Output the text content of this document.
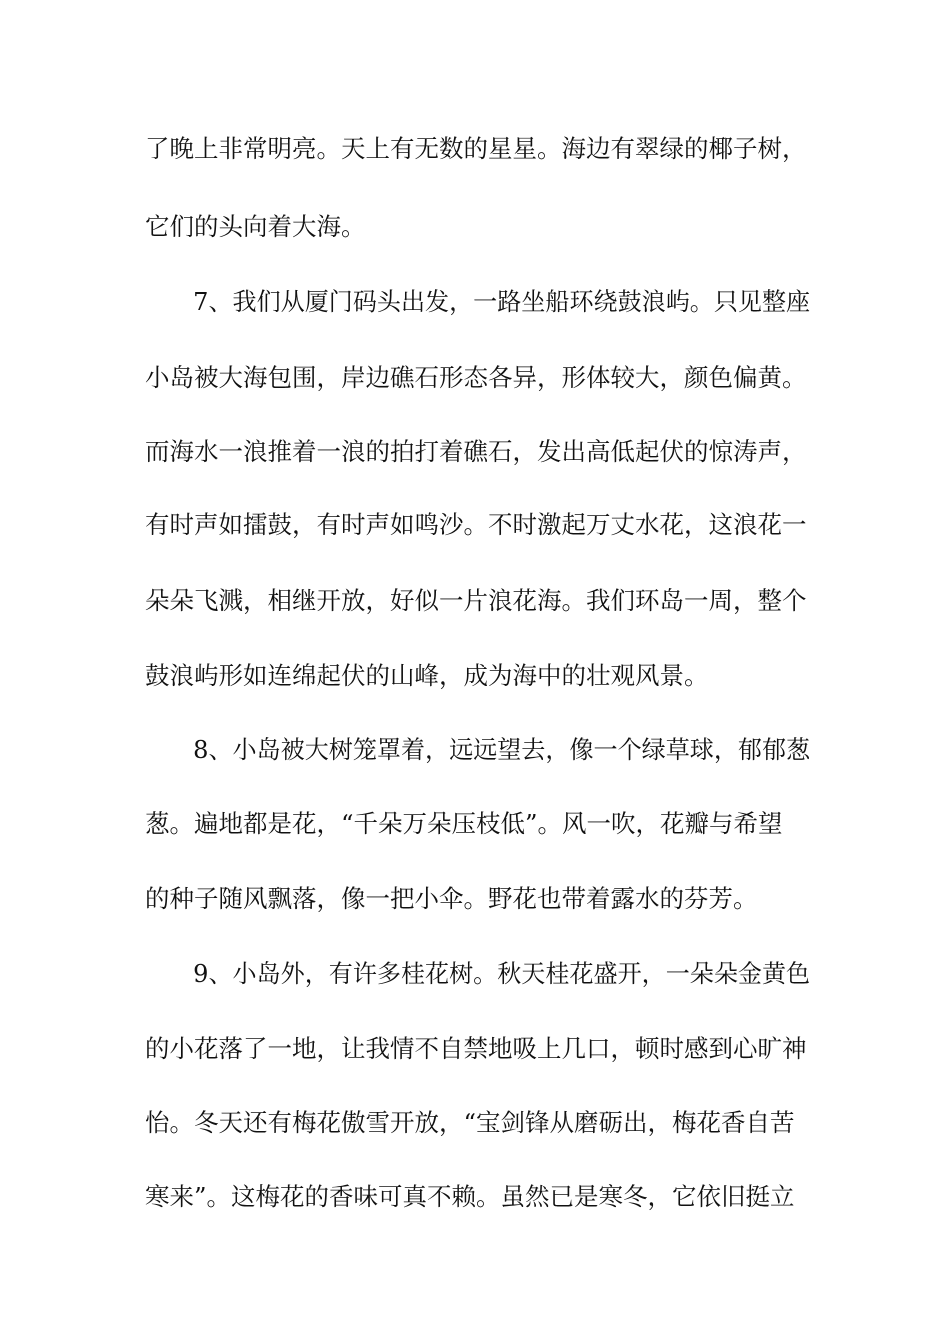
了晚上非常明亮。天上有无数的星星。海边有翠绿的椰子树，
它们的头向着大海。
　　7、我们从厦门码头出发，一路坐船环绕鼓浪屿。只见整座
小岛被大海包围，岸边礁石形态各异，形体较大，颜色偏黄。
而海水一浪推着一浪的拍打着礁石，发出高低起伏的惊涛声，
有时声如擂鼓，有时声如鸣沙。不时激起万丈水花，这浪花一
朵朵飞溅，相继开放，好似一片浪花海。我们环岛一周，整个
鼓浪屿形如连绵起伏的山峰，成为海中的壮观风景。
　　8、小岛被大树笼罩着，远远望去，像一个绿草球，郁郁葱
葱。遍地都是花，“千朵万朵压枝低”。风一吹，花瓣与希望
的种子随风飘落，像一把小伞。野花也带着露水的芬芳。
　　9、小岛外，有许多桂花树。秋天桂花盛开，一朵朵金黄色
的小花落了一地，让我情不自禁地吸上几口，顿时感到心旷神
怡。冬天还有梅花傲雪开放，“宝剑锋从磨砺出，梅花香自苦
寒来”。这梅花的香味可真不赖。虽然已是寒冬，它依旧挺立
